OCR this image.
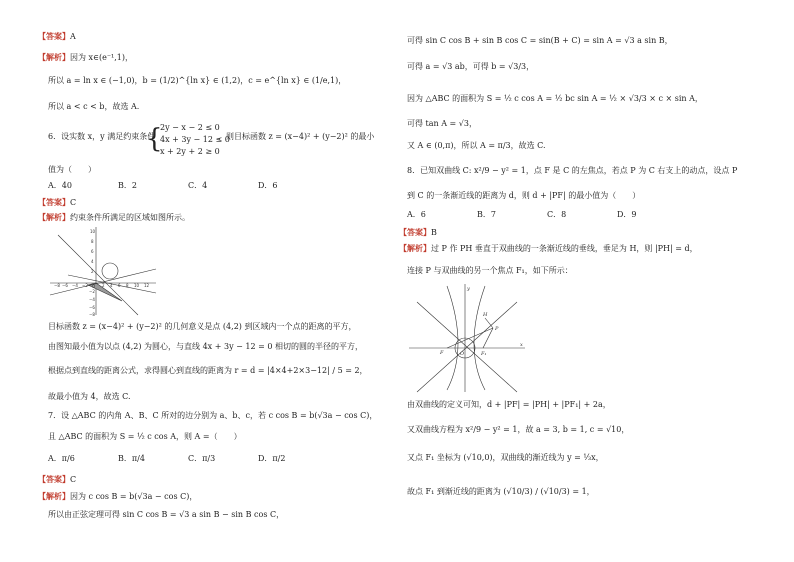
【答案】A
【解析】因为 x∈(e⁻¹,1)，
所以 a = ln x ∈ (−1,0)，b = (1/2)^{ln x} ∈ (1,2)，c = e^{ln x} ∈ (1/e,1)，
所以 a < c < b，故选 A.
6．设实数 x，y 满足约束条件
{
2y − x − 2 ≤ 0
4x + 3y − 12 ≤ 0
x + 2y + 2 ≥ 0
，则目标函数 z = (x−4)² + (y−2)² 的最小
值为（　　）
A．40	B．2	C．4	D．6
【答案】C
【解析】约束条件所满足的区域如图所示。
−8 −6 −4 −2 O 2 4 6 8 10 12
10
8
6
4
2
−2
−4
−6
−8
目标函数 z = (x−4)² + (y−2)² 的几何意义是点 (4,2) 到区域内一个点的距离的平方，
由图知最小值为以点 (4,2) 为圆心，与直线 4x + 3y − 12 = 0 相切的圆的半径的平方，
根据点到直线的距离公式，求得圆心到直线的距离为 r = d = |4×4+2×3−12| / 5 = 2，
故最小值为 4，故选 C.
7．设 △ABC 的内角 A、B、C 所对的边分别为 a、b、c，若 c cos B = b(√3a − cos C)，
且 △ABC 的面积为 S = ½ c cos A，则 A =（　　）
A．π/6	B．π/4	C．π/3	D．π/2
【答案】C
【解析】因为 c cos B = b(√3a − cos C)，
所以由正弦定理可得 sin C cos B = √3 a sin B − sin B cos C，
可得 sin C cos B + sin B cos C = sin(B + C) = sin A = √3 a sin B，
可得 a = √3 ab，可得 b = √3/3，
因为 △ABC 的面积为 S = ½ c cos A = ½ bc sin A = ½ × √3/3 × c × sin A，
可得 tan A = √3，
又 A ∈ (0,π)，所以 A = π/3，故选 C.
8．已知双曲线 C: x²/9 − y² = 1，点 F 是 C 的左焦点，若点 P 为 C 右支上的动点，设点 P
到 C 的一条渐近线的距离为 d，则 d + |PF| 的最小值为（　　）
A．6	B．7	C．8	D．9
【答案】B
【解析】过 P 作 PH 垂直于双曲线的一条渐近线的垂线，垂足为 H，则 |PH| = d，
连接 P 与双曲线的另一个焦点 F₁，如下所示：
y
x
H
P
F	O	F₁
由双曲线的定义可知，d + |PF| = |PH| + |PF₁| + 2a，
又双曲线方程为 x²/9 − y² = 1，故 a = 3, b = 1, c = √10，
又点 F₁ 坐标为 (√10,0)，双曲线的渐近线为 y = ⅓x，
故点 F₁ 到渐近线的距离为 (√10/3) / (√10/3) = 1，
